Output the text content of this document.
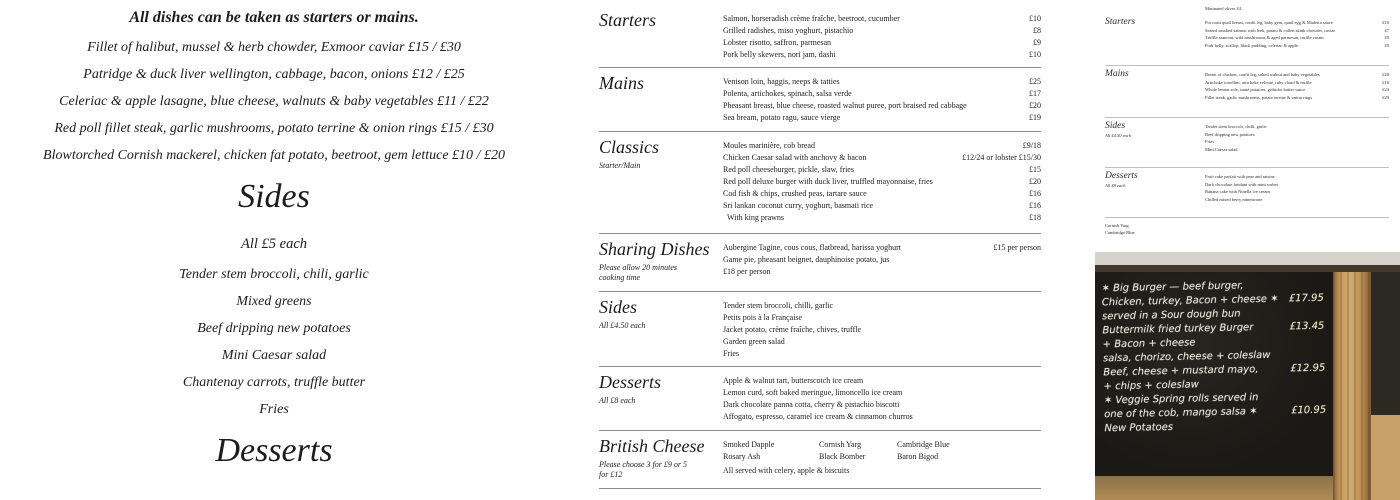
All dishes can be taken as starters or mains.

Fillet of halibut, mussel & herb chowder, Exmoor caviar £15 / £30

Patridge & duck liver wellington, cabbage, bacon, onions £12 / £25

Celeriac & apple lasagne, blue cheese, walnuts & baby vegetables £11 / £22

Red poll fillet steak, garlic mushrooms, potato terrine & onion rings £15 / £30

Blowtorched Cornish mackerel, chicken fat potato, beetroot, gem lettuce £10 / £20

Sides

All £5 each

Tender stem broccoli, chili, garlic

Mixed greens

Beef dripping new potatoes

Mini Caesar salad

Chantenay carrots, truffle butter

Fries

Desserts
Starters	Salmon, horseradish crème fraîche, beetroot, cucumber	£10
Grilled radishes, miso yoghurt, pistachio	£8
Lobster risotto, saffron, parmesan	£9
Pork belly skewers, nori jam, dashi	£10
Mains	Venison loin, haggis, neeps & tatties	£25
Polenta, artichokes, spinach, salsa verde	£17
Pheasant breast, blue cheese, roasted walnut puree, port braised red cabbage	£20
Sea bream, potato ragu, sauce vierge	£19
Classics

Starter/Main

Moules marinière, cob bread	£9/18
Chicken Caesar salad with anchovy & bacon	£12/24 or lobster £15/30
Red poll cheeseburger, pickle, slaw, fries	£15
Red poll deluxe burger with duck liver, truffled mayonnaise, fries	£20
Cod fish & chips, crushed peas, tartare sauce	£16
Sri lankan coconut curry, yoghurt, basmati rice	£16
With king prawns	£18
Sharing Dishes

Please allow 20 minutes cooking time

Aubergine Tagine, cous cous, flatbread, harissa yoghurt	£15 per person
Game pie, pheasant beignet, dauphinoise potato, jus
£18 per person
Sides

All £4.50 each

Tender stem broccoli, chilli, garlic
Petits pois à la Française
Jacket potato, crème fraîche, chives, truffle
Garden green salad
Fries
Desserts

All £8 each

Apple & walnut tart, butterscotch ice cream
Lemon curd, soft baked meringue, limoncello ice cream
Dark chocolate panna cotta, cherry & pistachio biscotti
Affogato, espresso, caramel ice cream & cinnamon churros
British Cheese

Please choose 3 for £9 or 5 for £12

Smoked Dapple	Cornish Yarg	Cambridge Blue
Rosary Ash	Black Bomber	Baron Bigod

All served with celery, apple & biscuits

Marinated olives £4

Starters	Pot roast quail breast, confit leg, baby gem, quail egg & Madeira sauce	£10
Seared smoked salmon with leek, potato & cullen skink chowder, caviar	£7
Truffle arancini, wild mushrooms & aged parmesan, truffle cream	£9
Pork belly, scallop, black pudding, celeriac & apple	£9
Mains	Breast of chicken, confit leg, salted walnut and baby vegetables	£20
Artichoke tortellini, artichoke velouté, ruby chard & truffle	£16
Whole lemon sole, sauté potatoes, gribiche butter sauce	£24
Fillet steak, garlic mushrooms, potato terrine & onion rings	£29
Sides

All £4.50 each

Tender stem broccoli, chilli, garlic
Beef dripping new potatoes
Fries
Mini Caesar salad
Desserts

All £8 each

Fruit cake parfait with pear and raisins
Dark chocolate fondant with mint sorbet
Banana cake with Nutella ice cream
Chilled mixed berry minestrone

Cornish Yarg

Cambridge Blue

✶ Big Burger — beef burger,
Chicken, turkey, Bacon + cheese ✶ £17.95
served in a Sour dough bun
Buttermilk fried turkey Burger	£13.45
+ Bacon + cheese
salsa, chorizo, cheese + coleslaw
Beef, cheese + mustard mayo,	£12.95
+ chips + coleslaw
✶ Veggie Spring rolls served in
one of the cob, mango salsa ✶	£10.95
New Potatoes
